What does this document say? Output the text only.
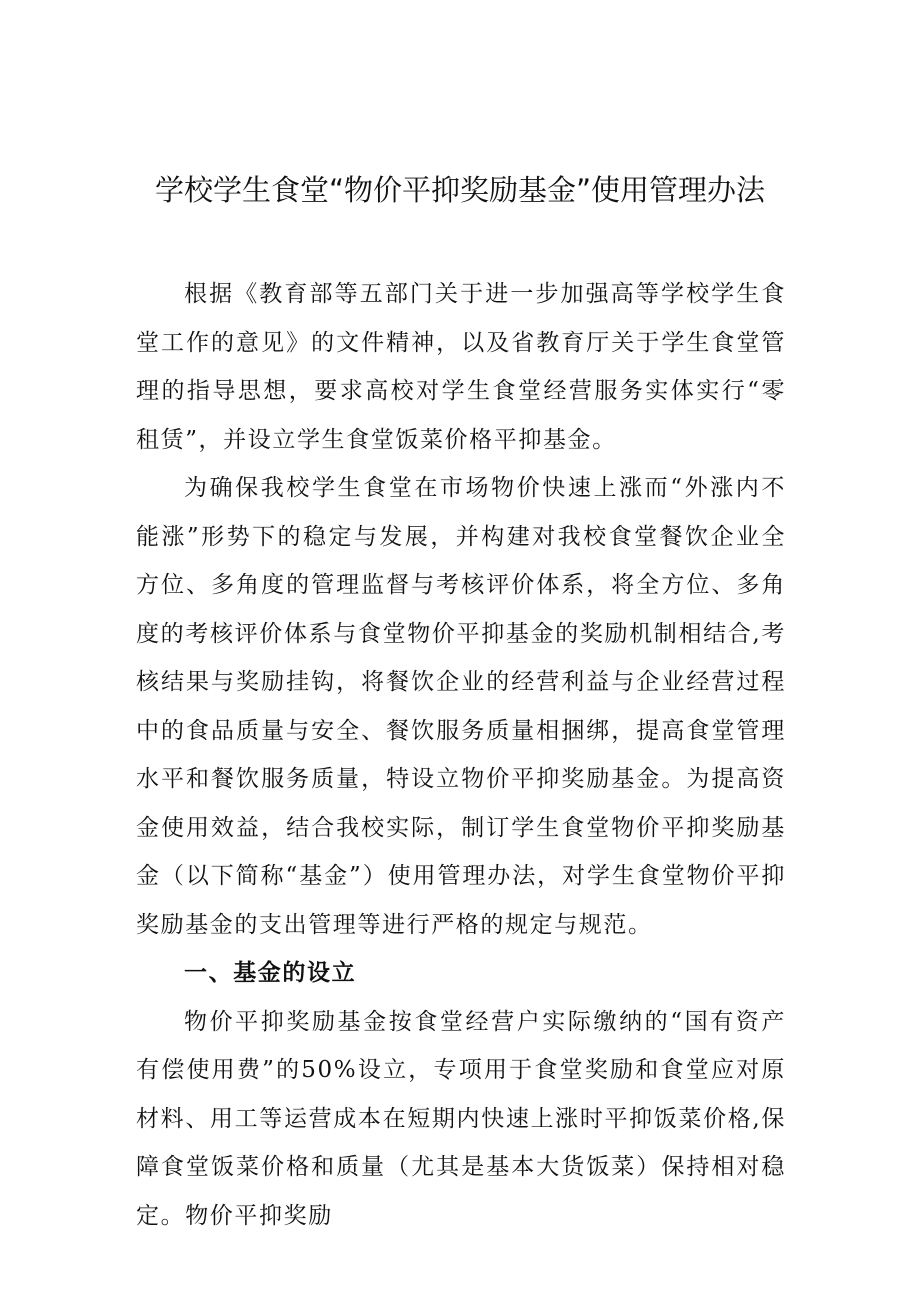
学校学生食堂“物价平抑奖励基金”使用管理办法

根据《教育部等五部门关于进一步加强高等学校学生食堂工作的意见》的文件精神，以及省教育厅关于学生食堂管理的指导思想，要求高校对学生食堂经营服务实体实行“零租赁”，并设立学生食堂饭菜价格平抑基金。

为确保我校学生食堂在市场物价快速上涨而“外涨内不能涨”形势下的稳定与发展，并构建对我校食堂餐饮企业全方位、多角度的管理监督与考核评价体系，将全方位、多角度的考核评价体系与食堂物价平抑基金的奖励机制相结合,考核结果与奖励挂钩，将餐饮企业的经营利益与企业经营过程中的食品质量与安全、餐饮服务质量相捆绑，提高食堂管理水平和餐饮服务质量，特设立物价平抑奖励基金。为提高资金使用效益，结合我校实际，制订学生食堂物价平抑奖励基金（以下简称“基金”）使用管理办法，对学生食堂物价平抑奖励基金的支出管理等进行严格的规定与规范。

一、基金的设立

物价平抑奖励基金按食堂经营户实际缴纳的“国有资产有偿使用费”的50%设立，专项用于食堂奖励和食堂应对原材料、用工等运营成本在短期内快速上涨时平抑饭菜价格,保障食堂饭菜价格和质量（尤其是基本大货饭菜）保持相对稳定。物价平抑奖励
